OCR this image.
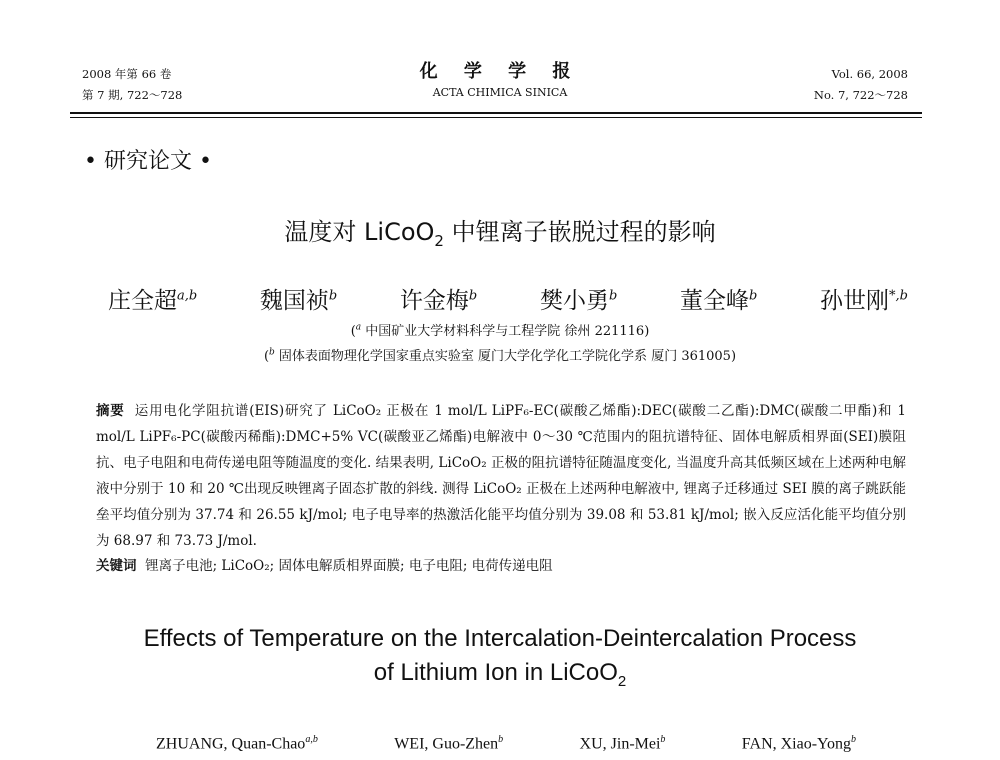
2008 年第 66 卷
第 7 期, 722～728
化 学 学 报
ACTA CHIMICA SINICA
Vol. 66, 2008
No. 7, 722～728
• 研究论文 •
温度对 LiCoO$_2$ 中锂离子嵌脱过程的影响
庄全超$^{a,b}$	魏国祯$^b$	许金梅$^b$	樊小勇$^b$	董全峰$^b$	孙世刚$^{*,b}$
($^a$ 中国矿业大学材料科学与工程学院 徐州 221116)
($^b$ 固体表面物理化学国家重点实验室 厦门大学化学化工学院化学系 厦门 361005)
摘要 运用电化学阻抗谱(EIS)研究了 LiCoO₂ 正极在 1 mol/L LiPF₆-EC(碳酸乙烯酯):DEC(碳酸二乙酯):DMC(碳酸二甲酯)和 1 mol/L LiPF₆-PC(碳酸丙稀酯):DMC+5% VC(碳酸亚乙烯酯)电解液中 0～30 ℃范围内的阻抗谱特征、固体电解质相界面(SEI)膜阻抗、电子电阻和电荷传递电阻等随温度的变化. 结果表明, LiCoO₂ 正极的阻抗谱特征随温度变化, 当温度升高其低频区域在上述两种电解液中分别于 10 和 20 ℃出现反映锂离子固态扩散的斜线. 测得 LiCoO₂ 正极在上述两种电解液中, 锂离子迁移通过 SEI 膜的离子跳跃能垒平均值分别为 37.74 和 26.55 kJ/mol; 电子电导率的热激活化能平均值分别为 39.08 和 53.81 kJ/mol; 嵌入反应活化能平均值分别为 68.97 和 73.73 J/mol.
关键词 锂离子电池; LiCoO₂; 固体电解质相界面膜; 电子电阻; 电荷传递电阻
Effects of Temperature on the Intercalation-Deintercalation Process
of Lithium Ion in LiCoO$_2$
ZHUANG, Quan-Chao$^{a,b}$	WEI, Guo-Zhen$^b$	XU, Jin-Mei$^b$	FAN, Xiao-Yong$^b$
